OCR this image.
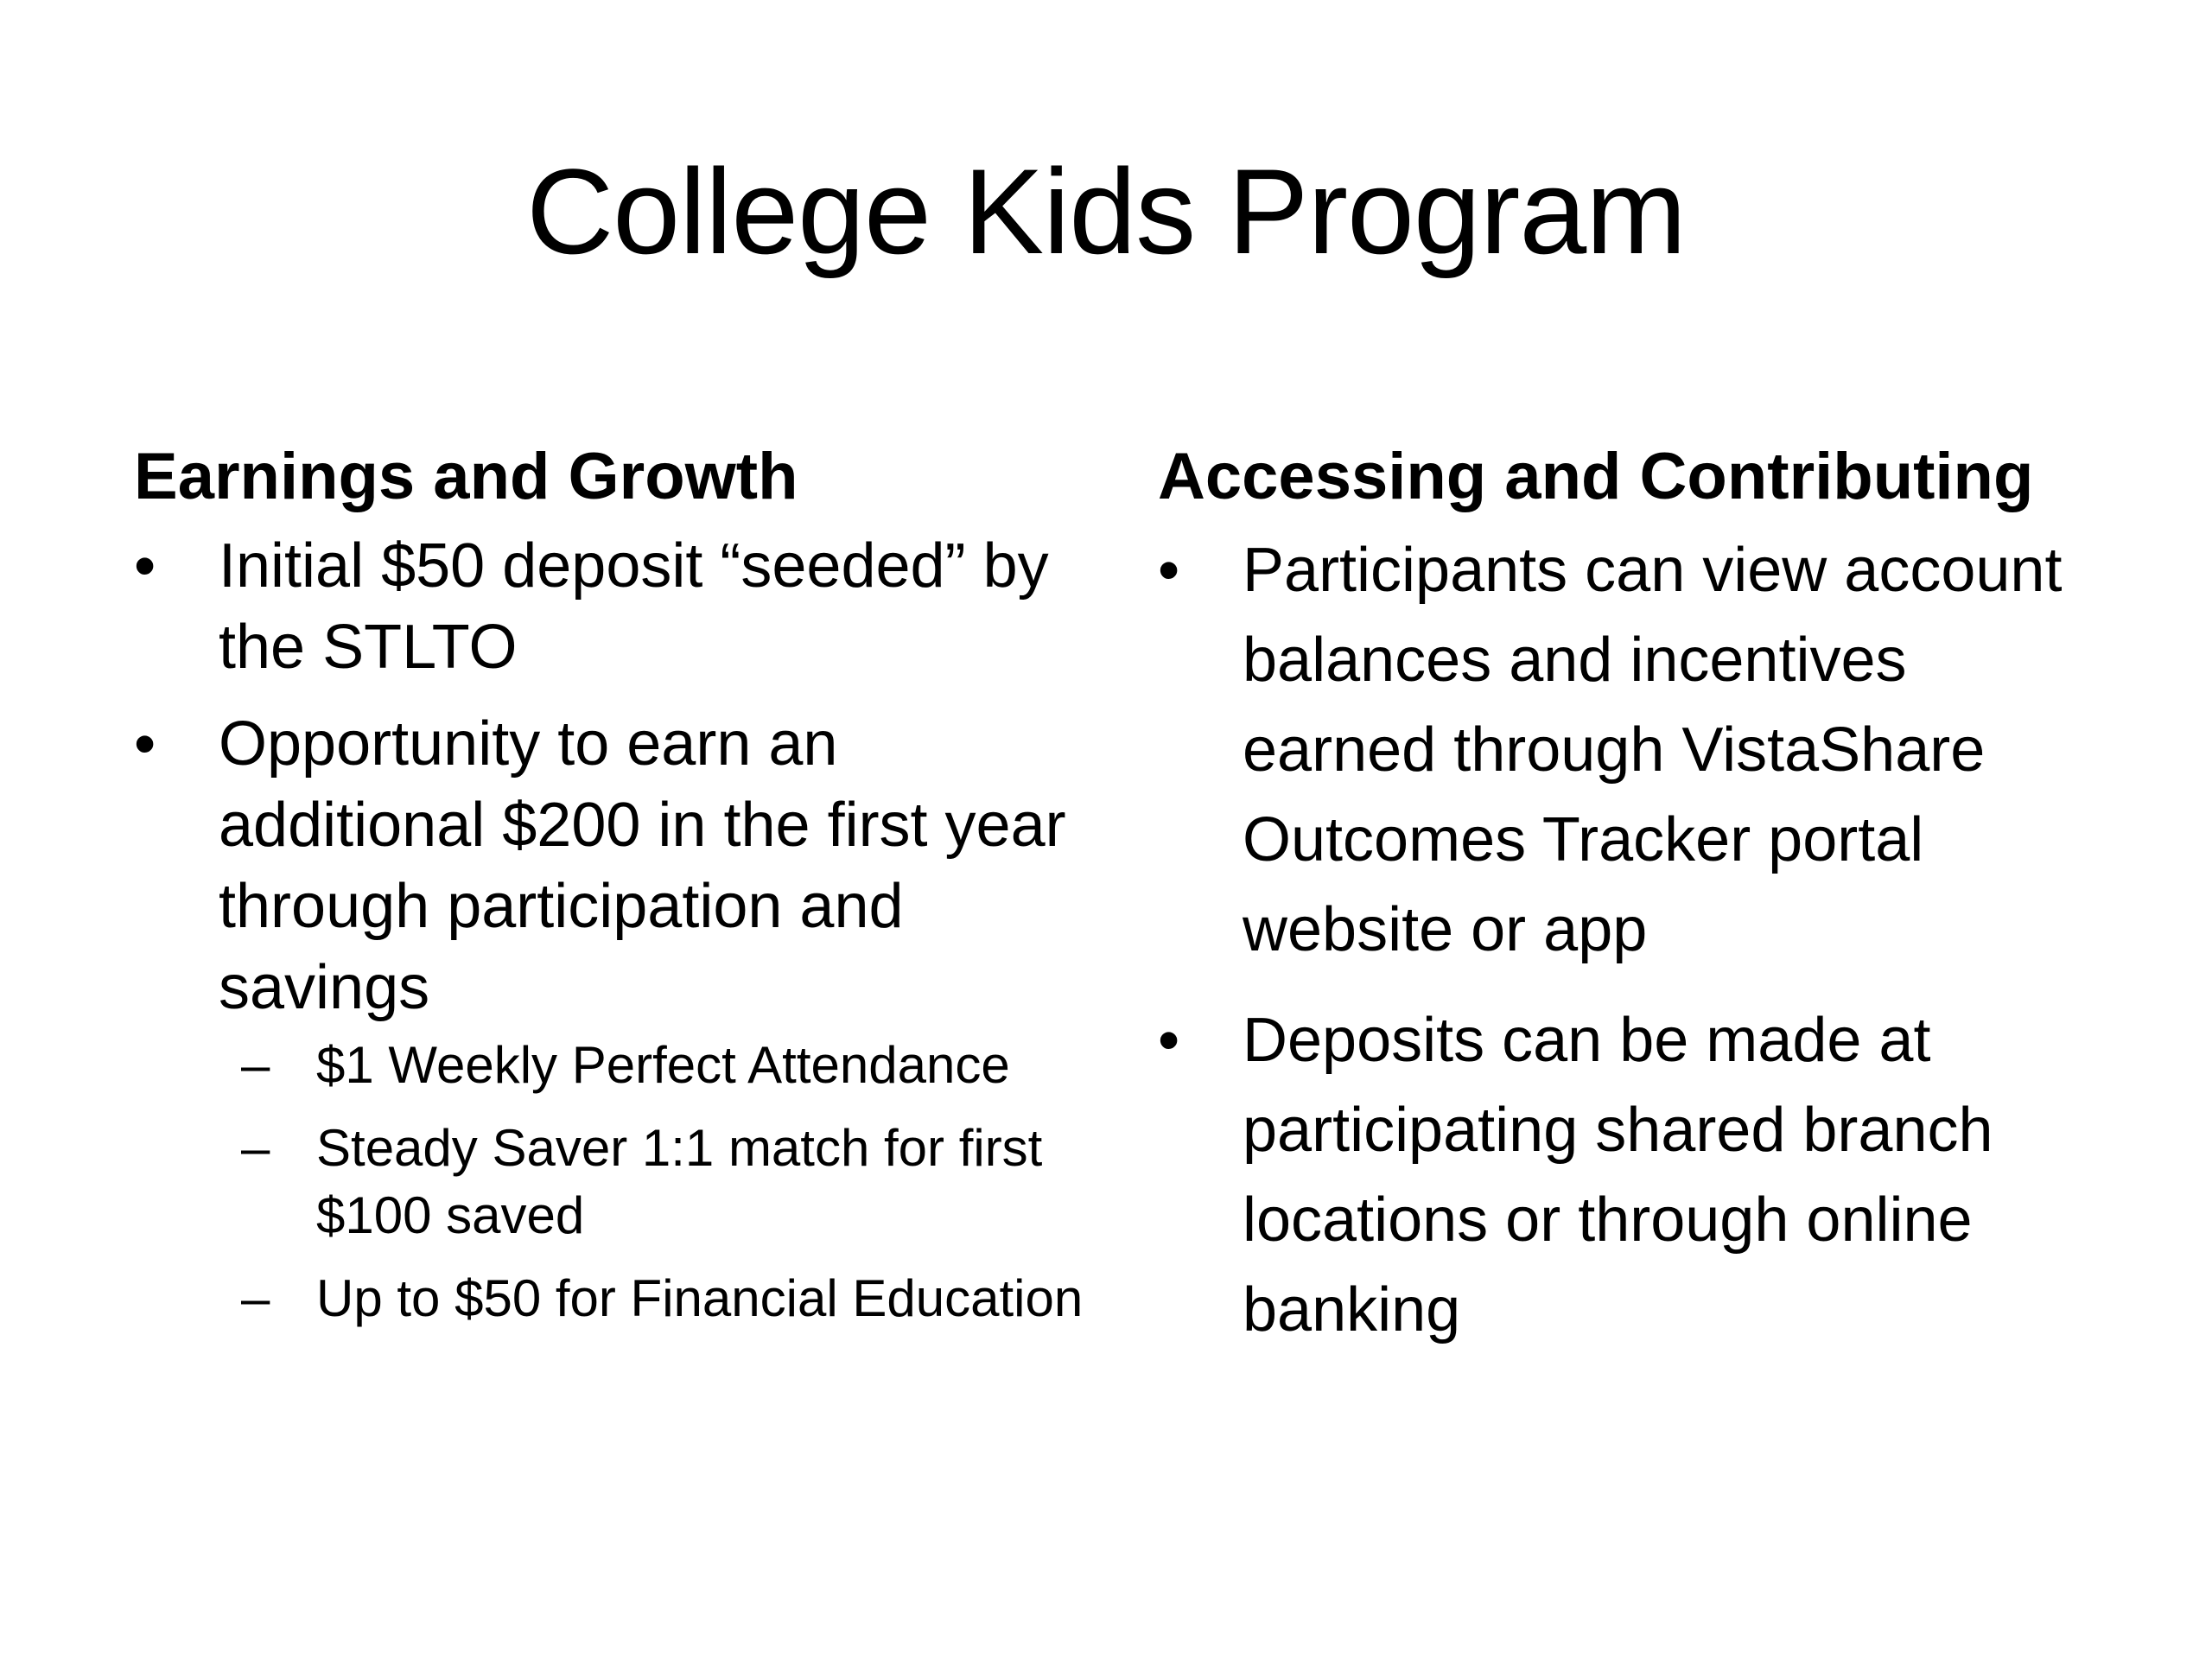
College Kids Program
Earnings and Growth
•	Initial $50 deposit “seeded” by the STLTO
•	Opportunity to earn an additional $200 in the first year through participation and savings
– $1 Weekly Perfect Attendance
– Steady Saver 1:1 match for first $100 saved
– Up to $50 for Financial Education
Accessing and Contributing
•	Participants can view account balances and incentives earned through VistaShare Outcomes Tracker portal website or app
•	Deposits can be made at participating shared branch locations or through online banking
